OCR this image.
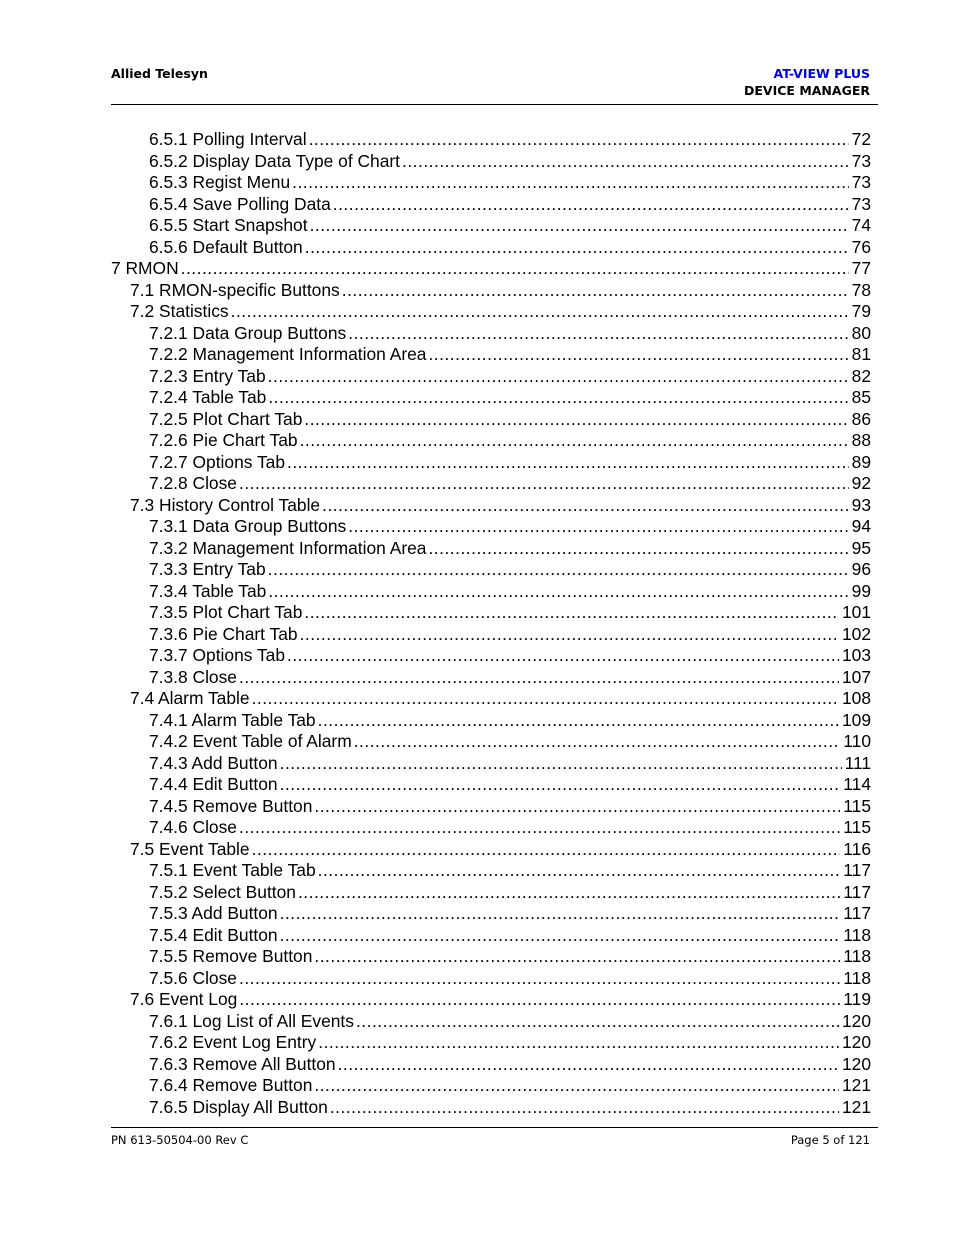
Allied Telesyn	AT-VIEW PLUS
DEVICE MANAGER
6.5.1 Polling Interval .....	72
6.5.2 Display Data Type of Chart .....	73
6.5.3 Regist Menu .....	73
6.5.4 Save Polling Data .....	73
6.5.5 Start Snapshot .....	74
6.5.6 Default Button .....	76
7 RMON .....	77
7.1 RMON-specific Buttons .....	78
7.2 Statistics .....	79
7.2.1 Data Group Buttons .....	80
7.2.2 Management Information Area .....	81
7.2.3 Entry Tab .....	82
7.2.4 Table Tab .....	85
7.2.5 Plot Chart Tab .....	86
7.2.6 Pie Chart Tab .....	88
7.2.7 Options Tab .....	89
7.2.8 Close .....	92
7.3 History Control Table .....	93
7.3.1 Data Group Buttons .....	94
7.3.2 Management Information Area .....	95
7.3.3 Entry Tab .....	96
7.3.4 Table Tab .....	99
7.3.5 Plot Chart Tab .....	101
7.3.6 Pie Chart Tab .....	102
7.3.7 Options Tab .....	103
7.3.8 Close .....	107
7.4 Alarm Table .....	108
7.4.1 Alarm Table Tab .....	109
7.4.2 Event Table of Alarm .....	110
7.4.3 Add Button .....	111
7.4.4 Edit Button .....	114
7.4.5 Remove Button .....	115
7.4.6 Close .....	115
7.5 Event Table .....	116
7.5.1 Event Table Tab .....	117
7.5.2 Select Button .....	117
7.5.3 Add Button .....	117
7.5.4 Edit Button .....	118
7.5.5 Remove Button .....	118
7.5.6 Close .....	118
7.6 Event Log .....	119
7.6.1 Log List of All Events .....	120
7.6.2 Event Log Entry .....	120
7.6.3 Remove All Button .....	120
7.6.4 Remove Button .....	121
7.6.5 Display All Button .....	121
PN 613-50504-00 Rev C	Page 5 of 121
